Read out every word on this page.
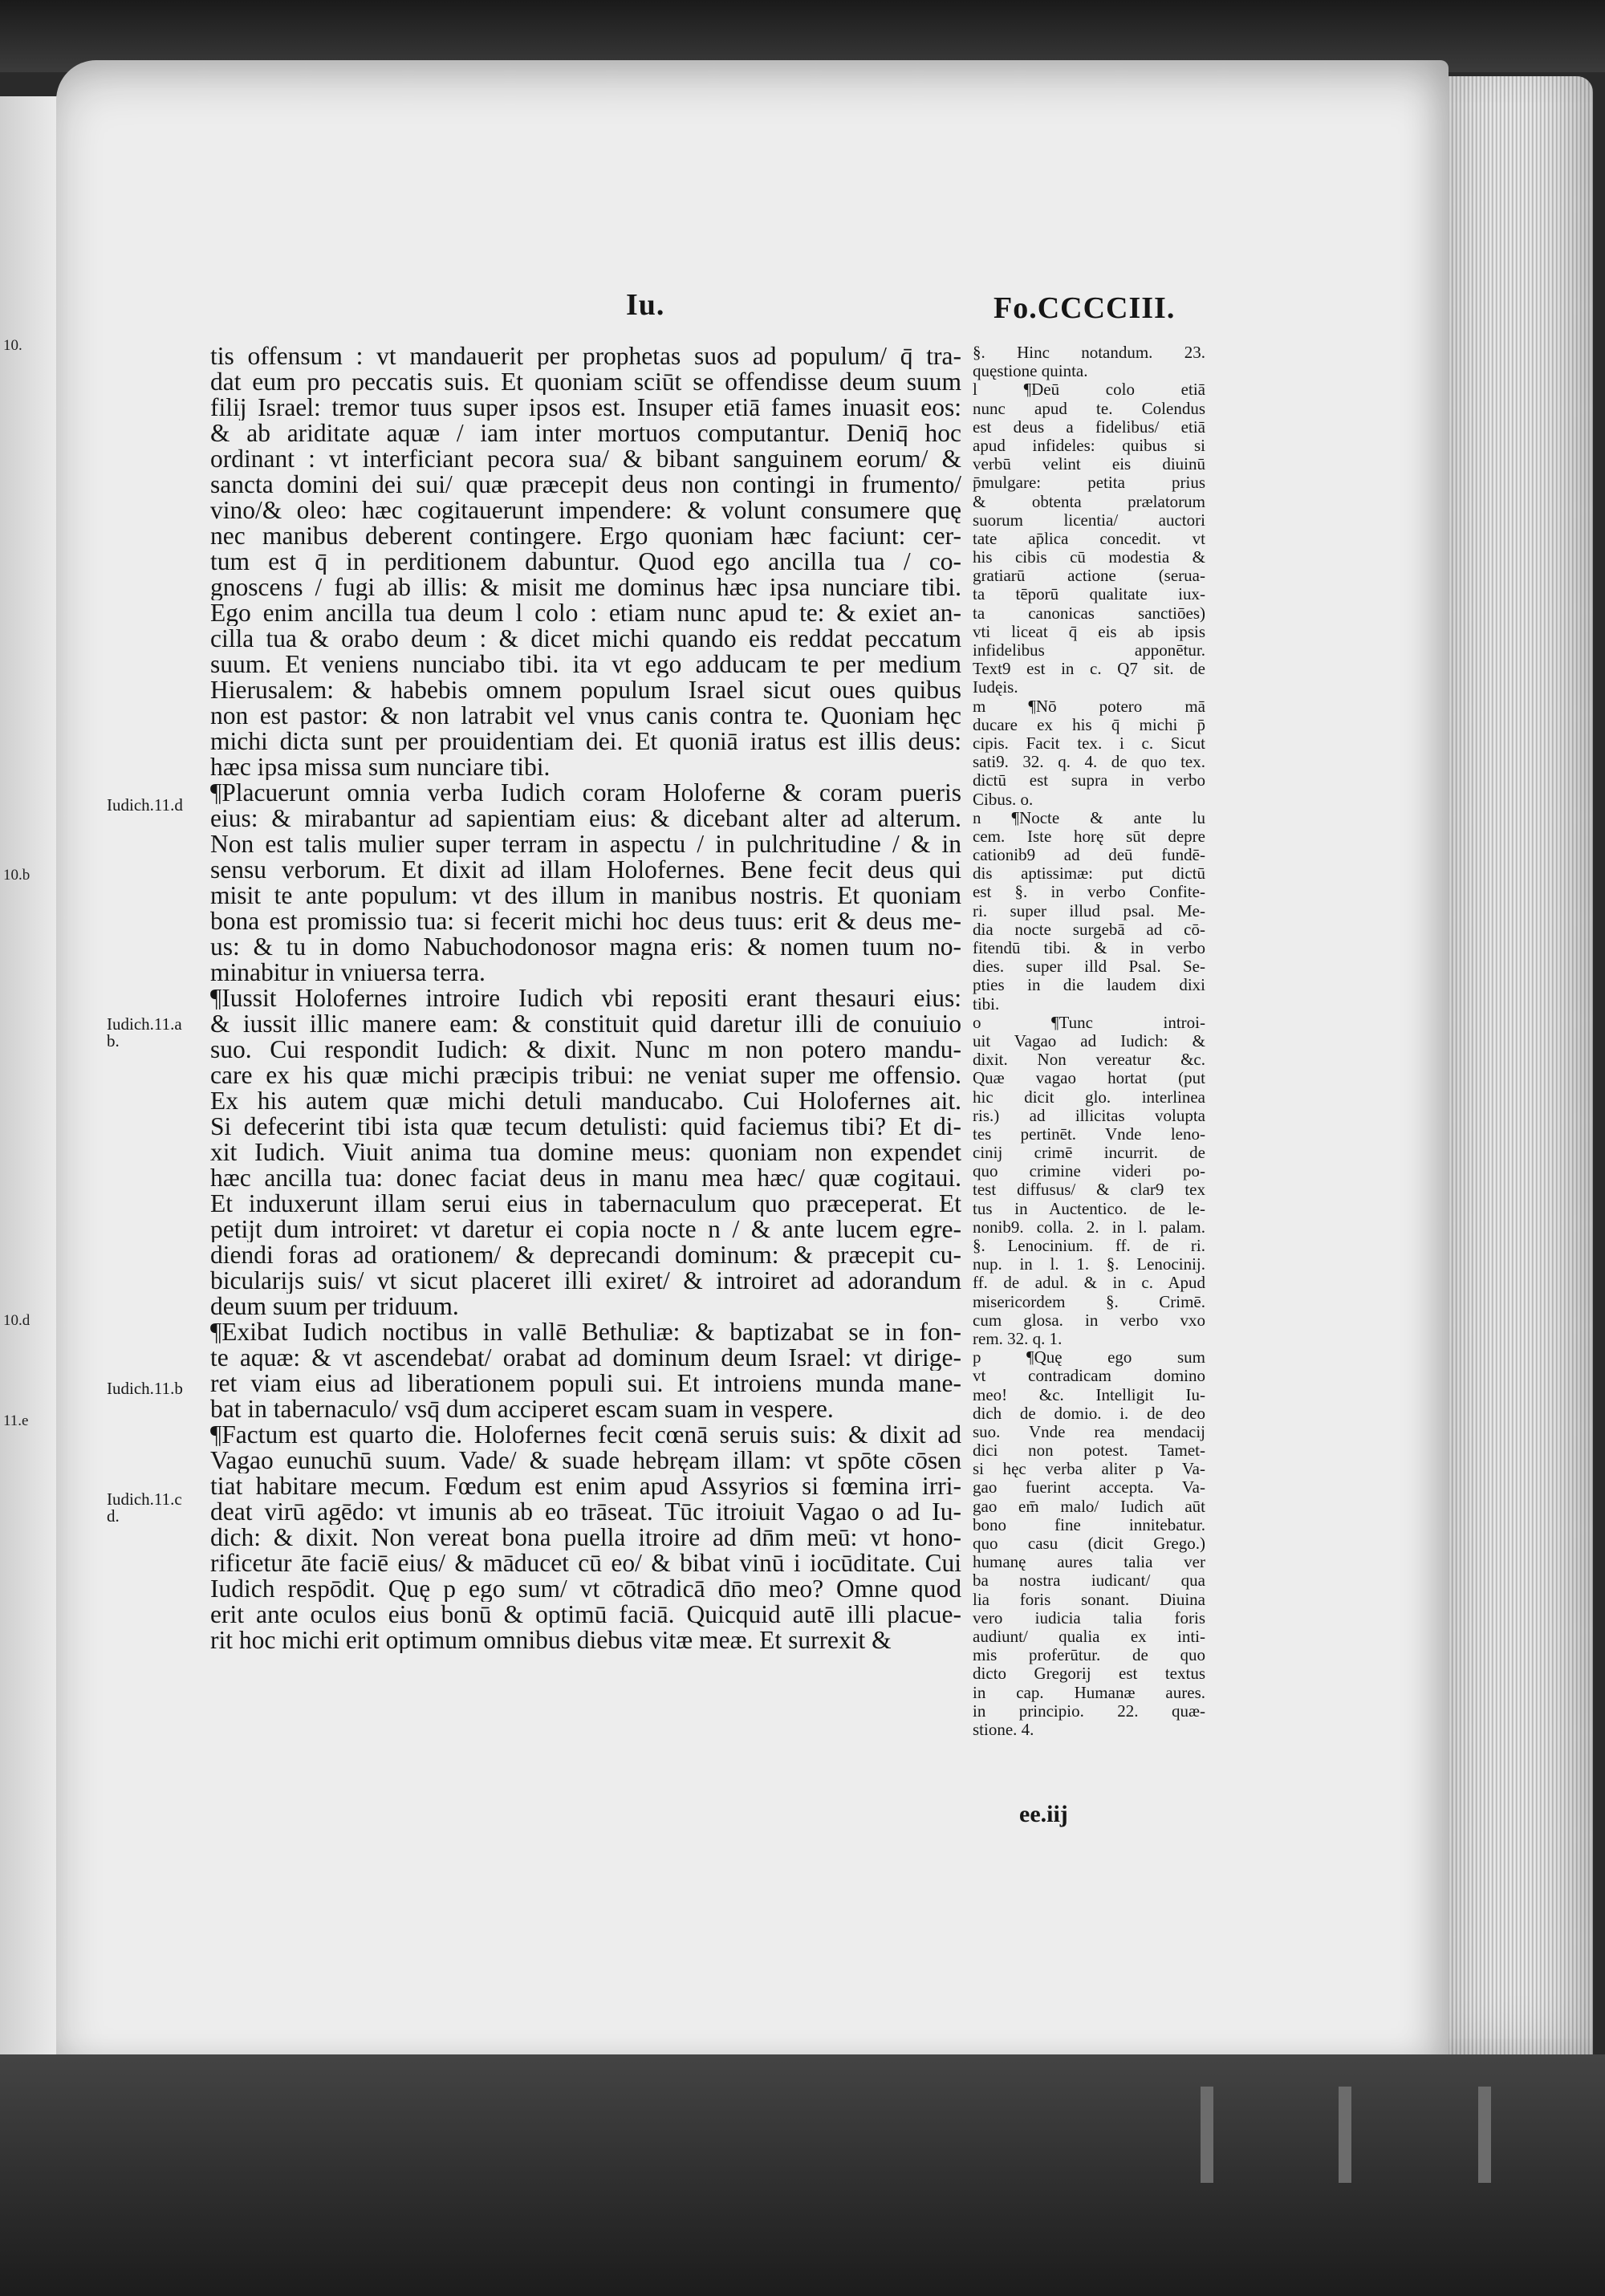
10.
10.b
10.d
11.e
Iu.	Fo.CCCCIII.
Iudich.11.d
Iudich.11.a
b.
Iudich.11.b
Iudich.11.c
d.
tis offensum : vt mandauerit per prophetas suos ad populum/ q̄ tra-
dat eum pro peccatis suis. Et quoniam sciūt se offendisse deum suum
filij Israel: tremor tuus super ipsos est. Insuper etiā fames inuasit eos:
& ab ariditate aquæ / iam inter mortuos computantur. Deniq̄ hoc
ordinant : vt interficiant pecora sua/ & bibant sanguinem eorum/ &
sancta domini dei sui/ quæ præcepit deus non contingi in frumento/
vino/& oleo: hæc cogitauerunt impendere: & volunt consumere quę
nec manibus deberent contingere. Ergo quoniam hæc faciunt: cer-
tum est q̄ in perditionem dabuntur. Quod ego ancilla tua / co-
gnoscens / fugi ab illis: & misit me dominus hæc ipsa nunciare tibi.
Ego enim ancilla tua deum l colo : etiam nunc apud te: & exiet an-
cilla tua & orabo deum : & dicet michi quando eis reddat peccatum
suum. Et veniens nunciabo tibi. ita vt ego adducam te per medium
Hierusalem: & habebis omnem populum Israel sicut oues quibus
non est pastor: & non latrabit vel vnus canis contra te. Quoniam hęc
michi dicta sunt per prouidentiam dei. Et quoniā iratus est illis deus:
hæc ipsa missa sum nunciare tibi.
¶Placuerunt omnia verba Iudich coram Holoferne & coram pueris
eius: & mirabantur ad sapientiam eius: & dicebant alter ad alterum.
Non est talis mulier super terram in aspectu / in pulchritudine / & in
sensu verborum. Et dixit ad illam Holofernes. Bene fecit deus qui
misit te ante populum: vt des illum in manibus nostris. Et quoniam
bona est promissio tua: si fecerit michi hoc deus tuus: erit & deus me-
us: & tu in domo Nabuchodonosor magna eris: & nomen tuum no-
minabitur in vniuersa terra.
¶Iussit Holofernes introire Iudich vbi repositi erant thesauri eius:
& iussit illic manere eam: & constituit quid daretur illi de conuiuio
suo. Cui respondit Iudich: & dixit. Nunc m non potero mandu-
care ex his quæ michi præcipis tribui: ne veniat super me offensio.
Ex his autem quæ michi detuli manducabo. Cui Holofernes ait.
Si defecerint tibi ista quæ tecum detulisti: quid faciemus tibi? Et di-
xit Iudich. Viuit anima tua domine meus: quoniam non expendet
hæc ancilla tua: donec faciat deus in manu mea hæc/ quæ cogitaui.
Et induxerunt illam serui eius in tabernaculum quo præceperat. Et
petijt dum introiret: vt daretur ei copia nocte n / & ante lucem egre-
diendi foras ad orationem/ & deprecandi dominum: & præcepit cu-
bicularijs suis/ vt sicut placeret illi exiret/ & introiret ad adorandum
deum suum per triduum.
¶Exibat Iudich noctibus in vallē Bethuliæ: & baptizabat se in fon-
te aquæ: & vt ascendebat/ orabat ad dominum deum Israel: vt dirige-
ret viam eius ad liberationem populi sui. Et introiens munda mane-
bat in tabernaculo/ vsq̄ dum acciperet escam suam in vespere.
¶Factum est quarto die. Holofernes fecit cœnā seruis suis: & dixit ad
Vagao eunuchū suum. Vade/ & suade hebręam illam: vt spōte cōsen
tiat habitare mecum. Fœdum est enim apud Assyrios si fœmina irri-
deat virū agēdo: vt imunis ab eo trāseat. Tūc itroiuit Vagao o ad Iu-
dich: & dixit. Non vereat bona puella itroire ad dn̄m meū: vt hono-
rificetur āte faciē eius/ & māducet cū eo/ & bibat vinū i iocūditate. Cui
Iudich respōdit. Quę p ego sum/ vt cōtradicā dn̄o meo? Omne quod
erit ante oculos eius bonū & optimū faciā. Quicquid autē illi placue-
rit hoc michi erit optimum omnibus diebus vitæ meæ. Et surrexit &
§. Hinc notandum. 23.
quęstione quinta.
l ¶Deū colo etiā
nunc apud te. Colendus
est deus a fidelibus/ etiā
apud infideles: quibus si
verbū velint eis diuinū
p̄mulgare: petita prius
& obtenta prælatorum
suorum licentia/ auctori
tate ap̄lica concedit. vt
his cibis cū modestia &
gratiarū actione (serua-
ta tēporū qualitate iux-
ta canonicas sanctiōes)
vti liceat q̄ eis ab ipsis
infidelibus apponētur.
Text9 est in c. Q7 sit. de
Iudęis.
m ¶Nō potero mā
ducare ex his q̄ michi p̄
cipis. Facit tex. i c. Sicut
sati9. 32. q. 4. de quo tex.
dictū est supra in verbo
Cibus. o.
n ¶Nocte & ante lu
cem. Iste horę sūt depre
cationib9 ad deū fundē-
dis aptissimæ: put dictū
est §. in verbo Confite-
ri. super illud psal. Me-
dia nocte surgebā ad cō-
fitendū tibi. & in verbo
dies. super illd Psal. Se-
pties in die laudem dixi
tibi.
o ¶Tunc introi-
uit Vagao ad Iudich: &
dixit. Non vereatur &c.
Quæ vagao hortat (put
hic dicit glo. interlinea
ris.) ad illicitas volupta
tes pertinēt. Vnde leno-
cinij crimē incurrit. de
quo crimine videri po-
test diffusus/ & clar9 tex
tus in Auctentico. de le-
nonib9. colla. 2. in l. palam.
§. Lenocinium. ff. de ri.
nup. in l. 1. §. Lenocinij.
ff. de adul. & in c. Apud
misericordem §. Crimē.
cum glosa. in verbo vxo
rem. 32. q. 1.
p ¶Quę ego sum
vt contradicam domino
meo! &c. Intelligit Iu-
dich de domio. i. de deo
suo. Vnde rea mendacij
dici non potest. Tamet-
si hęc verba aliter p Va-
gao fuerint accepta. Va-
gao em̄ malo/ Iudich aūt
bono fine innitebatur.
quo casu (dicit Grego.)
humanę aures talia ver
ba nostra iudicant/ qua
lia foris sonant. Diuina
vero iudicia talia foris
audiunt/ qualia ex inti-
mis proferūtur. de quo
dicto Gregorij est textus
in cap. Humanæ aures.
in principio. 22. quæ-
stione. 4.
ee.iij
